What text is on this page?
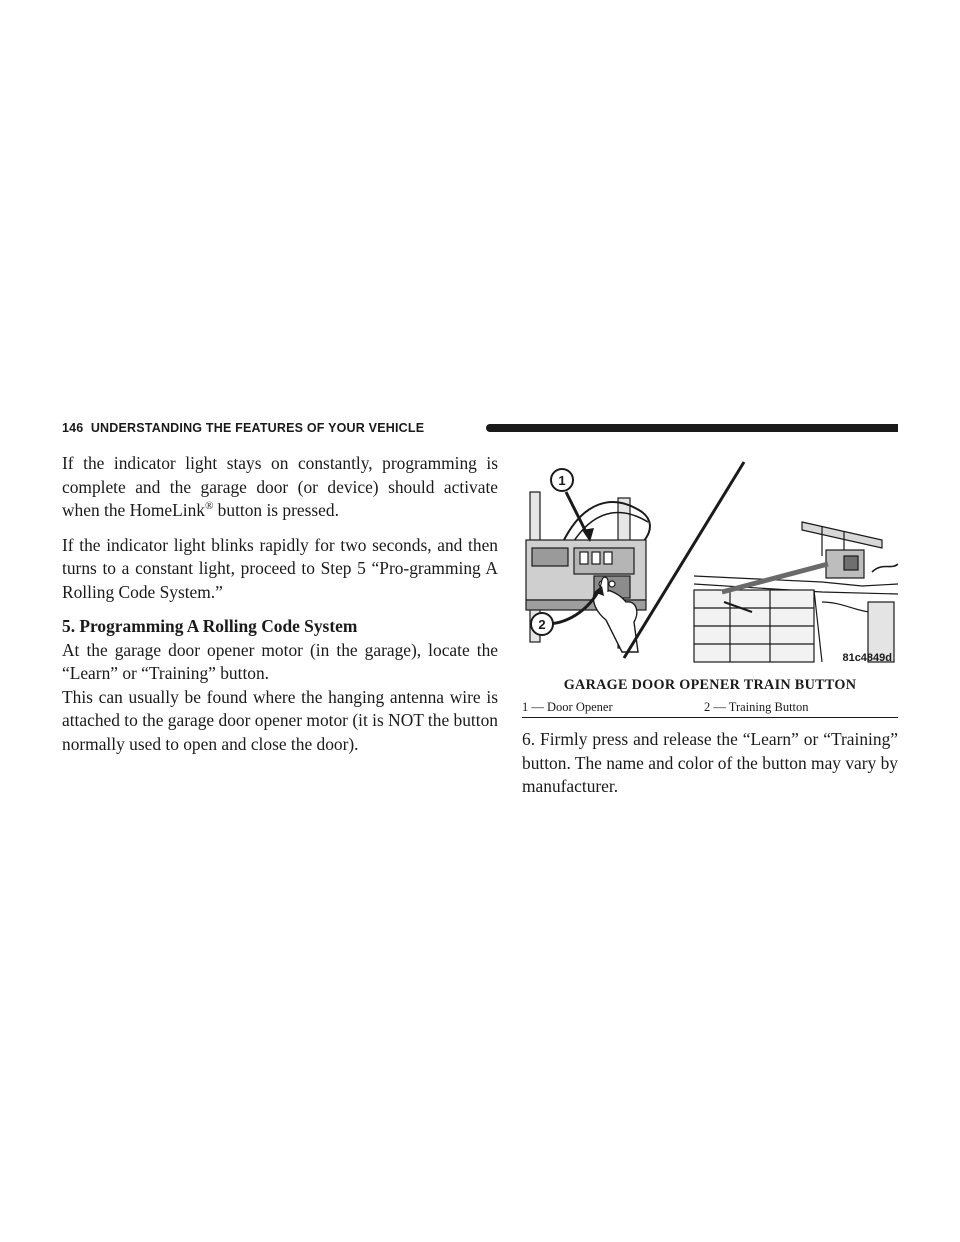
146 UNDERSTANDING THE FEATURES OF YOUR VEHICLE

If the indicator light stays on constantly, programming is complete and the garage door (or device) should activate when the HomeLink® button is pressed.

If the indicator light blinks rapidly for two seconds, and then turns to a constant light, proceed to Step 5 “Pro-gramming A Rolling Code System.”

5. Programming A Rolling Code System

At the garage door opener motor (in the garage), locate the “Learn” or “Training” button.

This can usually be found where the hanging antenna wire is attached to the garage door opener motor (it is NOT the button normally used to open and close the door).

1
2
81c4849d
GARAGE DOOR OPENER TRAIN BUTTON
1 — Door Opener	2 — Training Button

6. Firmly press and release the “Learn” or “Training” button. The name and color of the button may vary by manufacturer.
